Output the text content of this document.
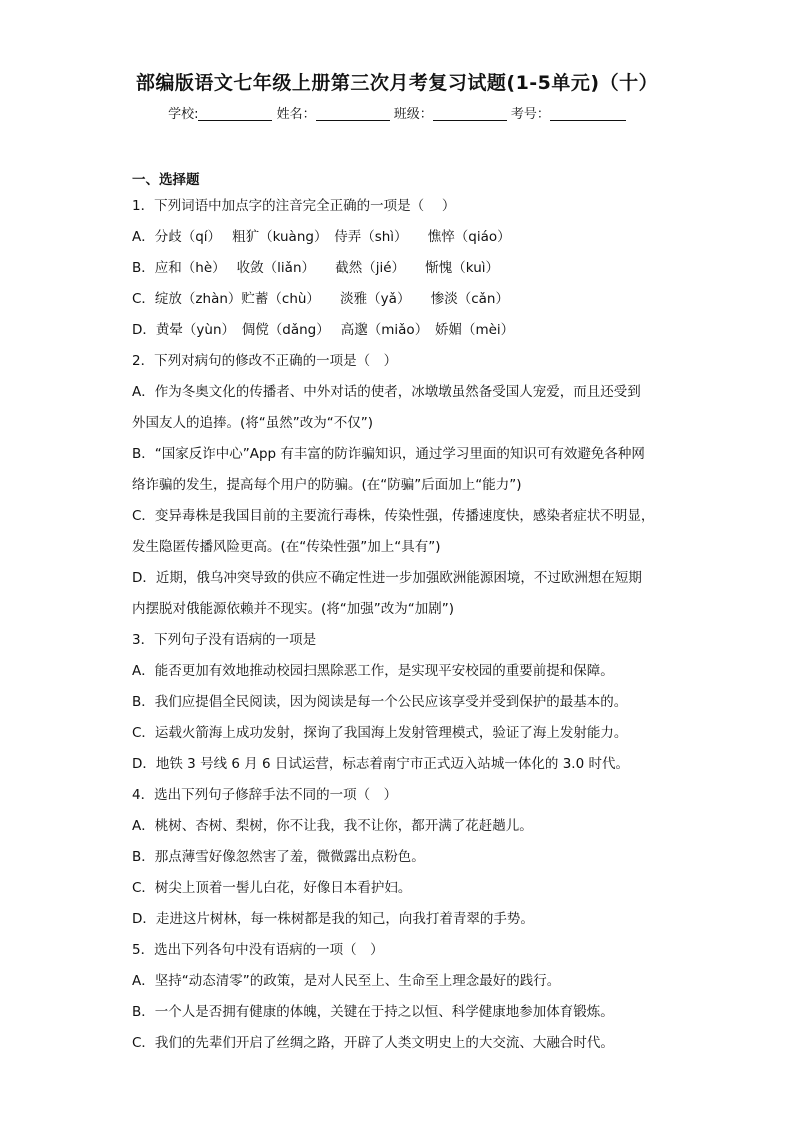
部编版语文七年级上册第三次月考复习试题(1-5单元)（十）
学校:	姓名：	班级：	考号：
一、选择题
1．下列词语中加点字的注音完全正确的一项是（　 ）
A．分歧（qí）　 粗犷（kuàng）　侍弄（shì）　　憔悴（qiáo）
B．应和（hè）　 收敛（liǎn）　　截然（jié）　　惭愧（kuì）
C．绽放（zhàn）贮蓄（chù）　　淡雅（yǎ）　　惨淡（cǎn）
D．黄晕（yùn）　倜傥（dǎng）　 高邈（miǎo）　娇媚（mèi）
2．下列对病句的修改不正确的一项是（　）
A．作为冬奥文化的传播者、中外对话的使者，冰墩墩虽然备受国人宠爱，而且还受到
外国友人的追捧。(将“虽然”改为“不仅”)
B．“国家反诈中心”App 有丰富的防诈骗知识，通过学习里面的知识可有效避免各种网
络诈骗的发生，提高每个用户的防骗。(在“防骗”后面加上“能力”)
C．变异毒株是我国目前的主要流行毒株，传染性强，传播速度快，感染者症状不明显，
发生隐匿传播风险更高。(在“传染性强”加上“具有”)
D．近期，俄乌冲突导致的供应不确定性进一步加强欧洲能源困境，不过欧洲想在短期
内摆脱对俄能源依赖并不现实。(将“加强”改为“加剧”)
3．下列句子没有语病的一项是
A．能否更加有效地推动校园扫黑除恶工作，是实现平安校园的重要前提和保障。
B．我们应提倡全民阅读，因为阅读是每一个公民应该享受并受到保护的最基本的。
C．运载火箭海上成功发射，探询了我国海上发射管理模式，验证了海上发射能力。
D．地铁 3 号线 6 月 6 日试运营，标志着南宁市正式迈入站城一体化的 3.0 时代。
4．选出下列句子修辞手法不同的一项（　）
A．桃树、杏树、梨树，你不让我，我不让你，都开满了花赶趟儿。
B．那点薄雪好像忽然害了羞，微微露出点粉色。
C．树尖上顶着一髻儿白花，好像日本看护妇。
D．走进这片树林，每一株树都是我的知己，向我打着青翠的手势。
5．选出下列各句中没有语病的一项（　）
A．坚持“动态清零”的政策，是对人民至上、生命至上理念最好的践行。
B．一个人是否拥有健康的体魄，关键在于持之以恒、科学健康地参加体育锻炼。
C．我们的先辈们开启了丝绸之路，开辟了人类文明史上的大交流、大融合时代。
